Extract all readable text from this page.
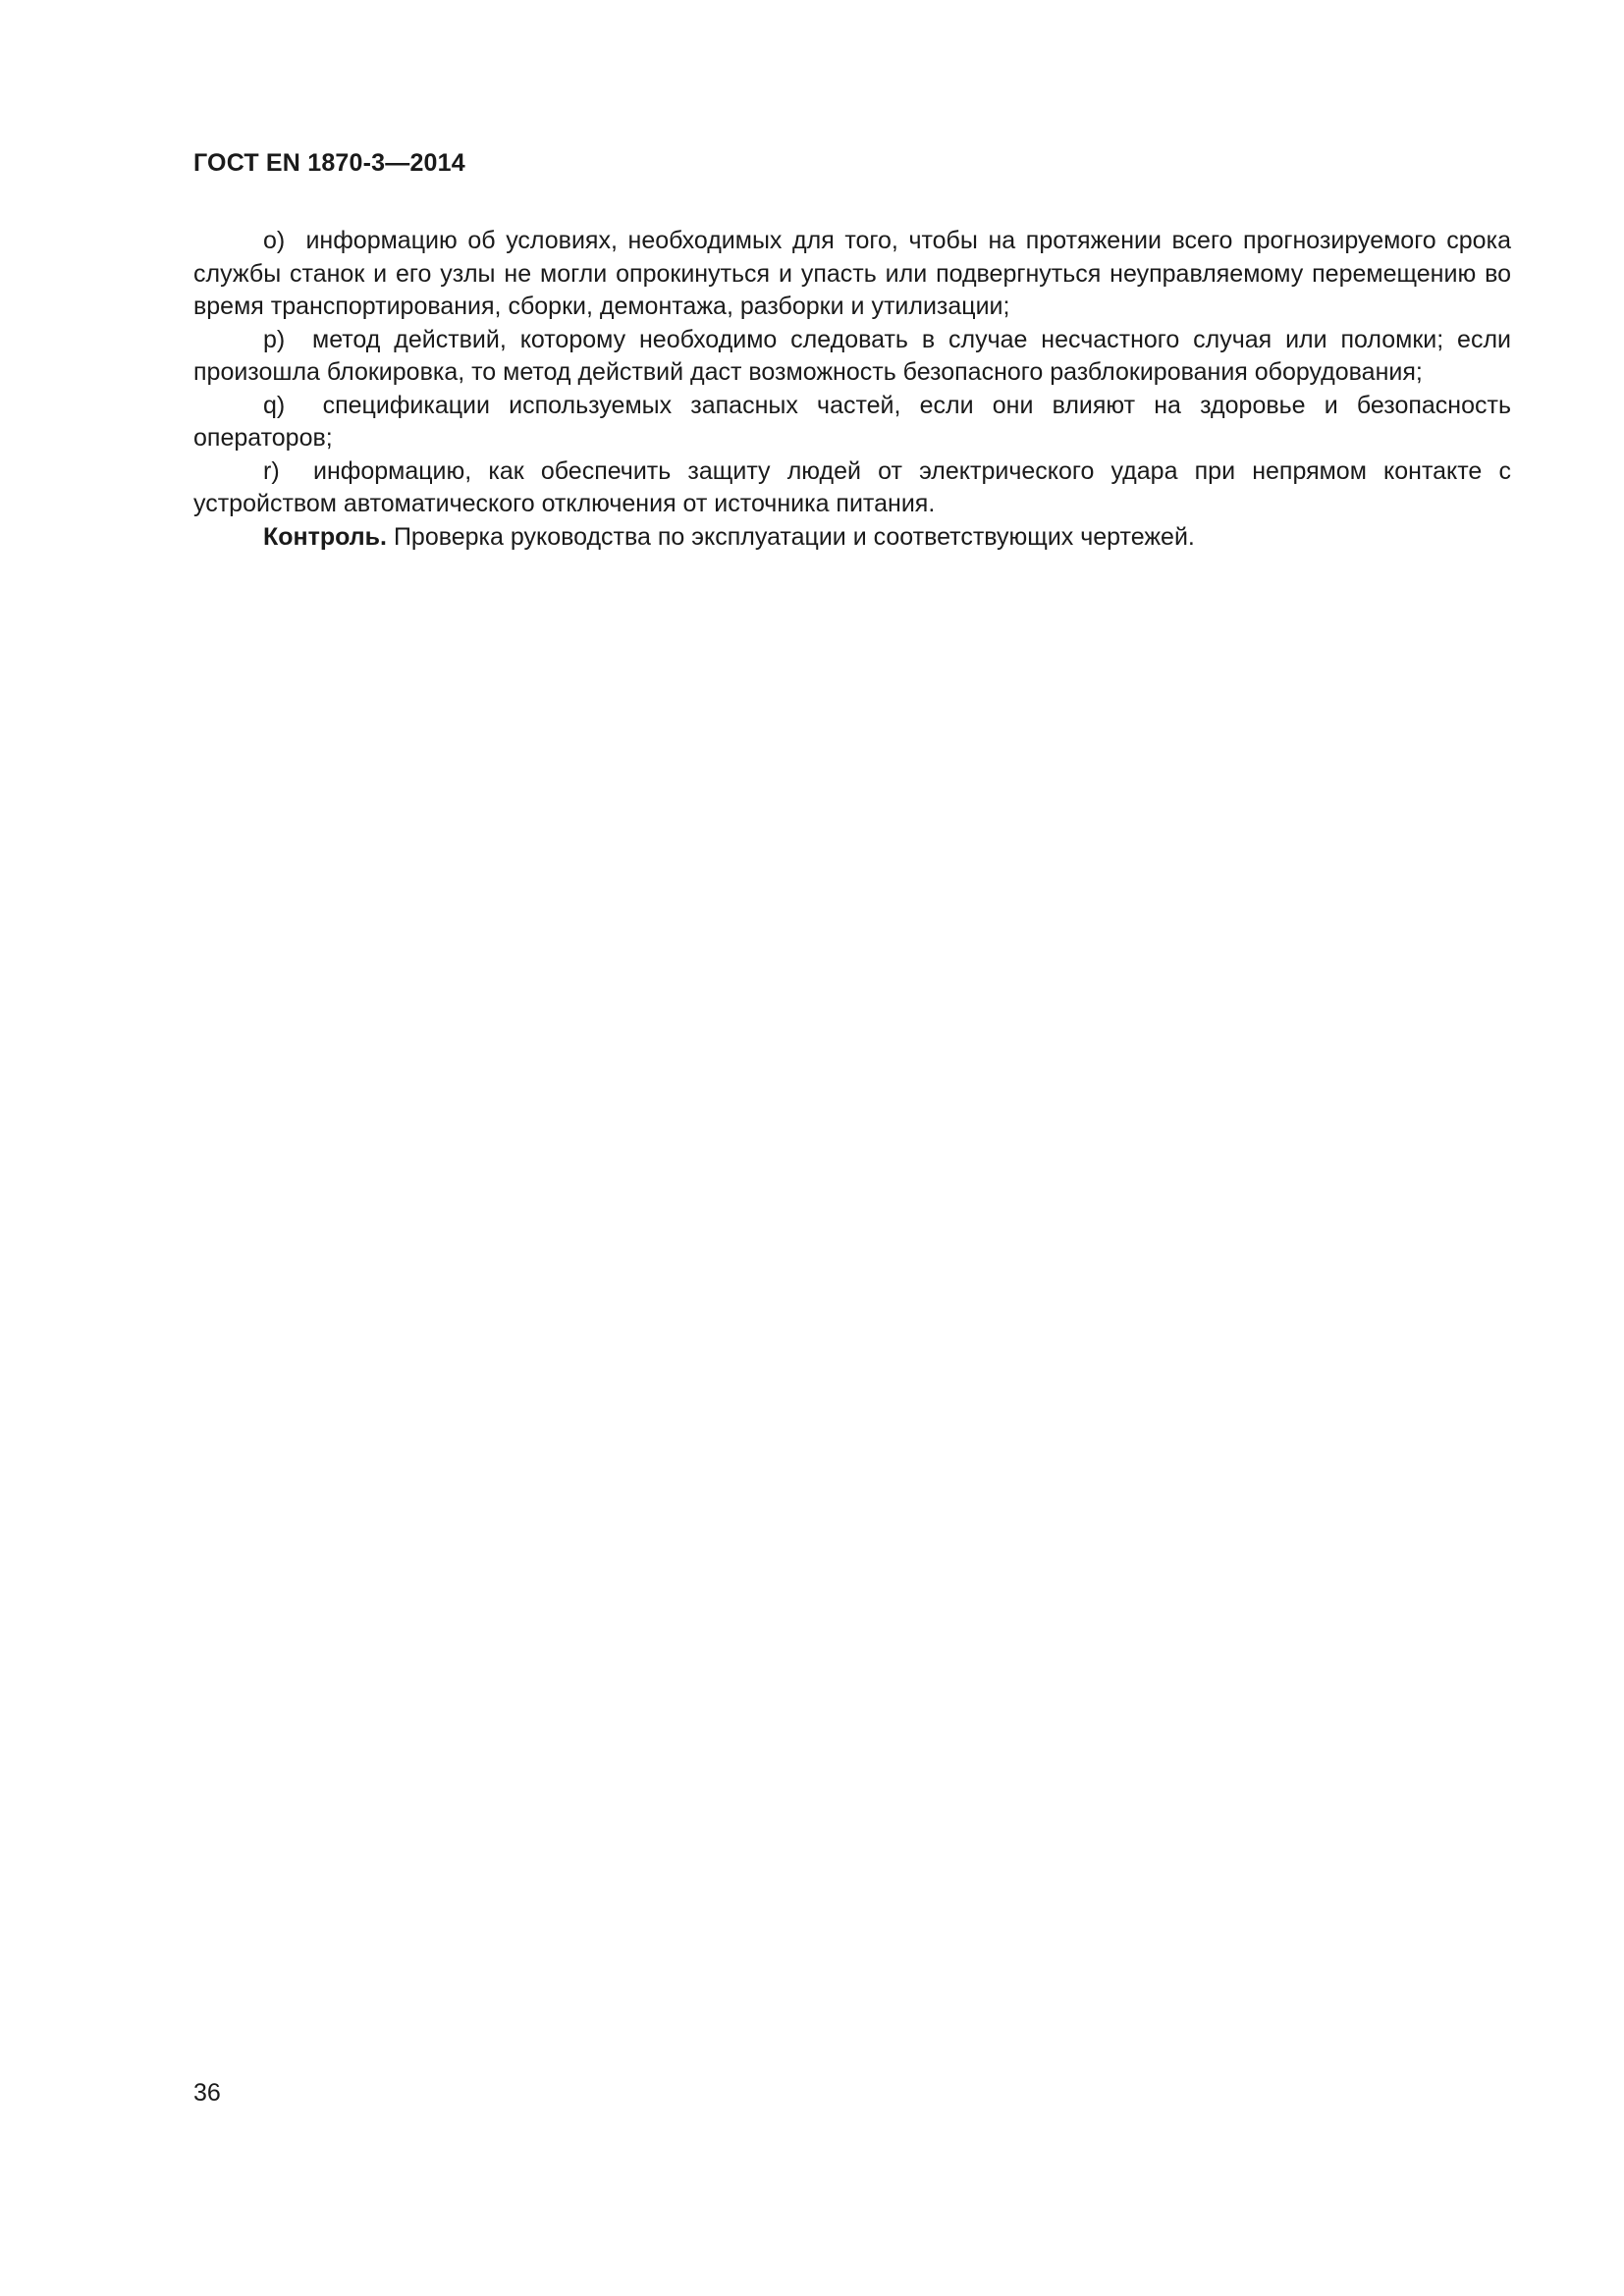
ГОСТ EN 1870-3—2014

о) информацию об условиях, необходимых для того, чтобы на протяжении всего прогнозируемого срока службы станок и его узлы не могли опрокинуться и упасть или подвергнуться неуправляемому перемещению во время транспортирования, сборки, демонтажа, разборки и утилизации;

р) метод действий, которому необходимо следовать в случае несчастного случая или поломки; если произошла блокировка, то метод действий даст возможность безопасного разблокирования оборудования;

q) спецификации используемых запасных частей, если они влияют на здоровье и безопасность операторов;

r) информацию, как обеспечить защиту людей от электрического удара при непрямом контакте с устройством автоматического отключения от источника питания.

Контроль. Проверка руководства по эксплуатации и соответствующих чертежей.

36
